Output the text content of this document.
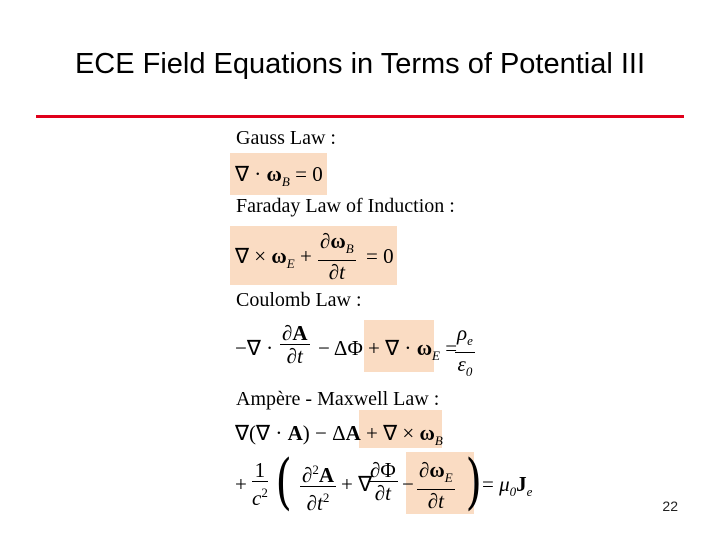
ECE Field Equations in Terms of Potential III
Gauss Law :
∇ · $\omega_B = 0$
Faraday Law of Induction :
∇ × $\omega_E$ +
$\partial\omega_B$
∂t
= 0
Coulomb Law :
−∇ ·
∂A
∂t − ΔΦ + ∇ · $\omega_E$ =
$\rho_e$
$\varepsilon_0$
Ampère - Maxwell Law :
∇(∇ · A) − ΔA + ∇ × $\omega_B$
+
1
$c^2$ ( ∂$^2$A
$\partial t^2$
+ ∇
∂Φ
∂t −
$\partial\omega_E$
∂t ) = $\mu_0J_e$
22
